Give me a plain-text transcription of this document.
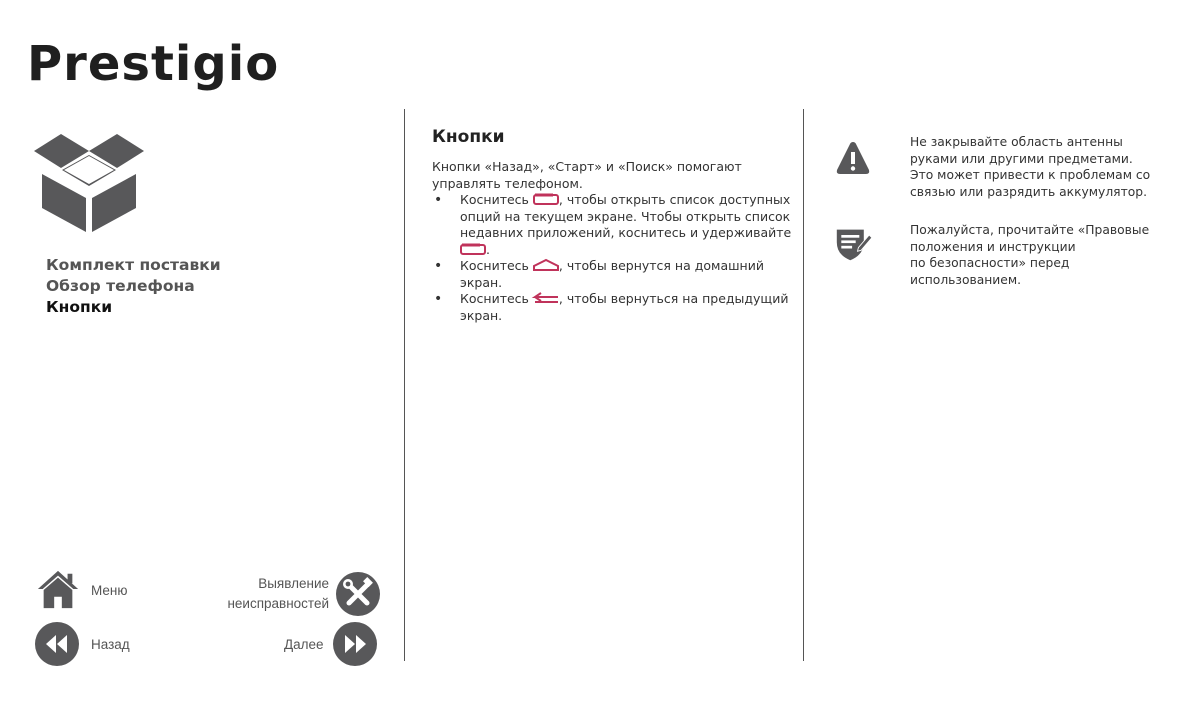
Prestigio
Комплект поставки
Обзор телефона
Кнопки
Меню	Выявление
неисправностей
Назад	Далее
Кнопки

Кнопки «Назад», «Старт» и «Поиск» помогают управлять телефоном.

• Коснитесь , чтобы открыть список доступных опций на текущем экране. Чтобы открыть список недавних приложений, коснитесь и удерживайте .
• Коснитесь , чтобы вернутся на домашний экран.
• Коснитесь , чтобы вернуться на предыдущий экран.
Не закрывайте область антенны
руками или другими предметами.
Это может привести к проблемам со
связью или разрядить аккумулятор.
Пожалуйста, прочитайте «Правовые
положения и инструкции
по безопасности» перед
использованием.
